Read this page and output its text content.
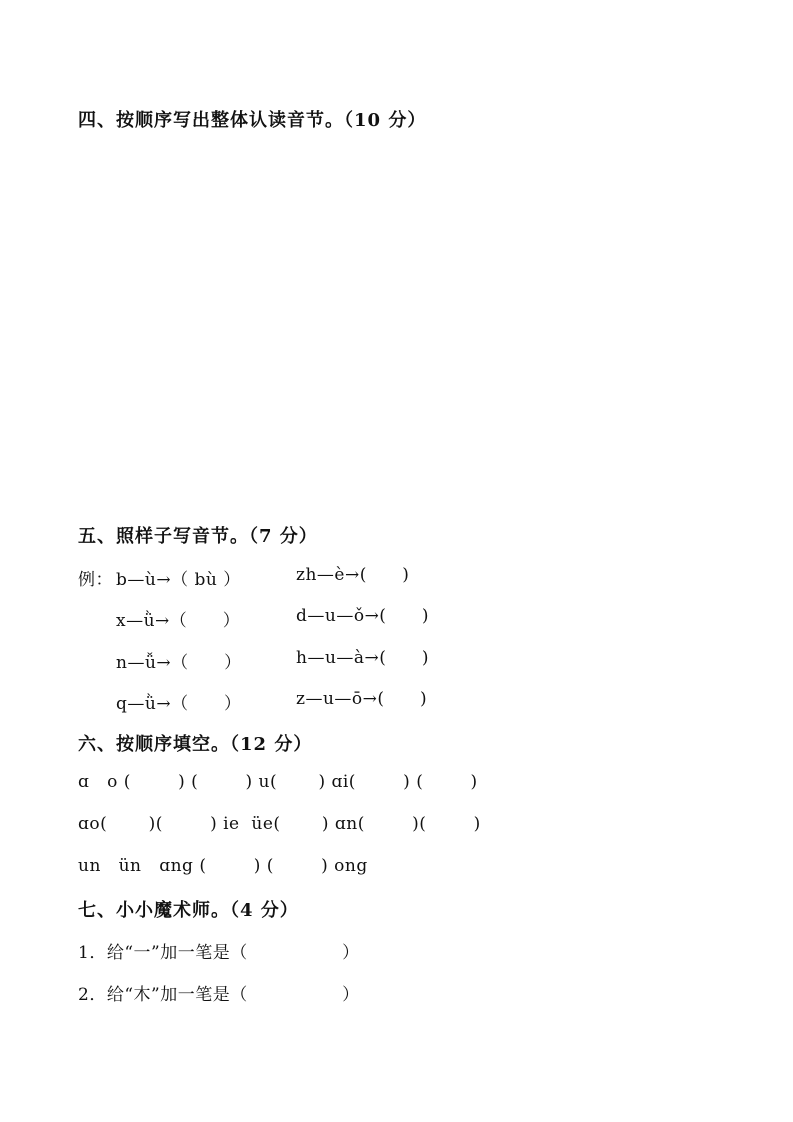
四、按顺序写出整体认读音节。（10 分）
五、照样子写音节。（7 分）
例： b—ù→（ bù ）	zh—è→(      )
x—ǜ→（      ）	d—u—ǒ→(      )
n—ǚ→（      ）	h—u—à→(      )
q—ǜ→（      ）	z—u—ō→(      )
六、按顺序填空。（12 分）
ɑ   o (        ) (        ) u(       ) ɑi(        ) (        )
ɑo(       )(        ) ie  üe(       ) ɑn(        )(        )
un   ün   ɑng (        ) (        ) ong
七、小小魔术师。（4 分）
1．给“一”加一笔是（                ）
2．给“木”加一笔是（                ）
